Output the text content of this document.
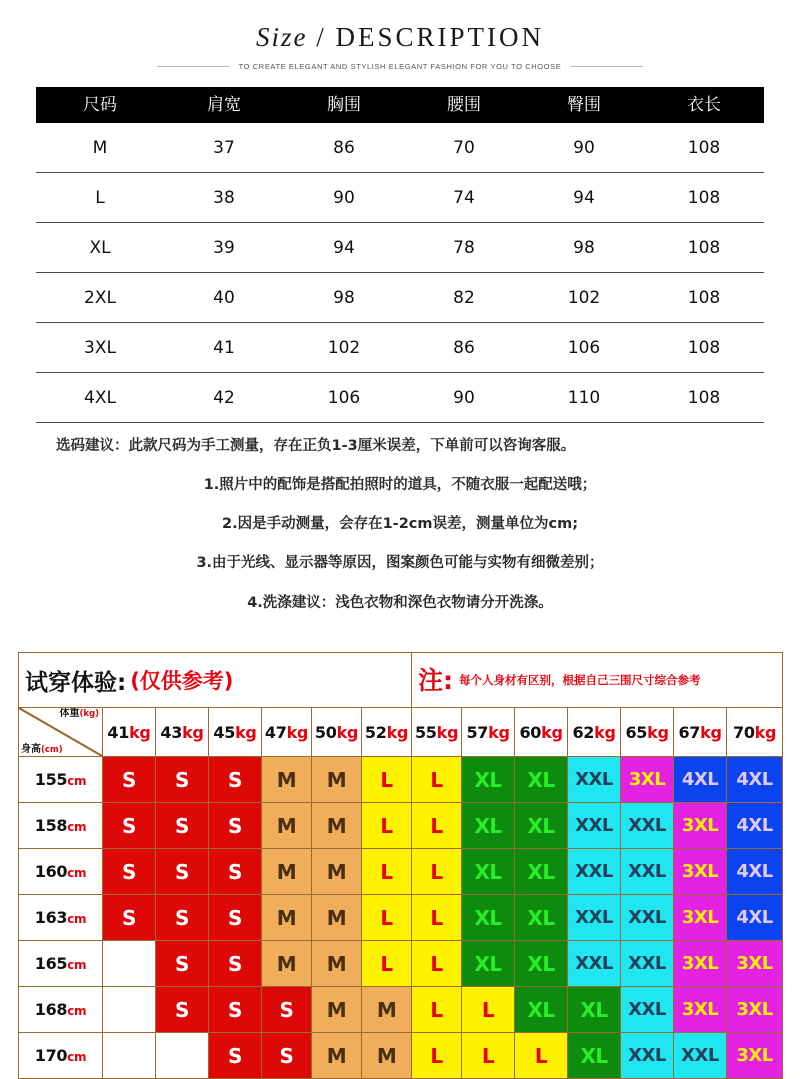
Size / DESCRIPTION
TO CREATE ELEGANT AND STYLISH ELEGANT FASHION FOR YOU TO CHOOSE
尺码	肩宽	胸围	腰围	臀围	衣长
M	37	86	70	90	108
L	38	90	74	94	108
XL	39	94	78	98	108
2XL	40	98	82	102	108
3XL	41	102	86	106	108
4XL	42	106	90	110	108
选码建议：此款尺码为手工测量，存在正负1-3厘米误差，下单前可以咨询客服。
1.照片中的配饰是搭配拍照时的道具，不随衣服一起配送哦；
2.因是手动测量，会存在1-2cm误差，测量单位为cm;
3.由于光线、显示器等原因，图案颜色可能与实物有细微差别；
4.洗涤建议：浅色衣物和深色衣物请分开洗涤。
试穿体验: (仅供参考)							注: 每个人身材有区别，根据自己三围尺寸综合参考						

体重(kg)
身高(cm)	41kg	43kg	45kg	47kg	50kg	52kg	55kg	57kg	60kg	62kg	65kg	67kg	70kg
155cm	S	S	S	M	M	L	L	XL	XL	XXL	3XL	4XL	4XL
158cm	S	S	S	M	M	L	L	XL	XL	XXL	XXL	3XL	4XL
160cm	S	S	S	M	M	L	L	XL	XL	XXL	XXL	3XL	4XL
163cm	S	S	S	M	M	L	L	XL	XL	XXL	XXL	3XL	4XL
165cm		S	S	M	M	L	L	XL	XL	XXL	XXL	3XL	3XL
168cm		S	S	S	M	M	L	L	XL	XL	XXL	3XL	3XL
170cm			S	S	M	M	L	L	L	XL	XXL	XXL	3XL
